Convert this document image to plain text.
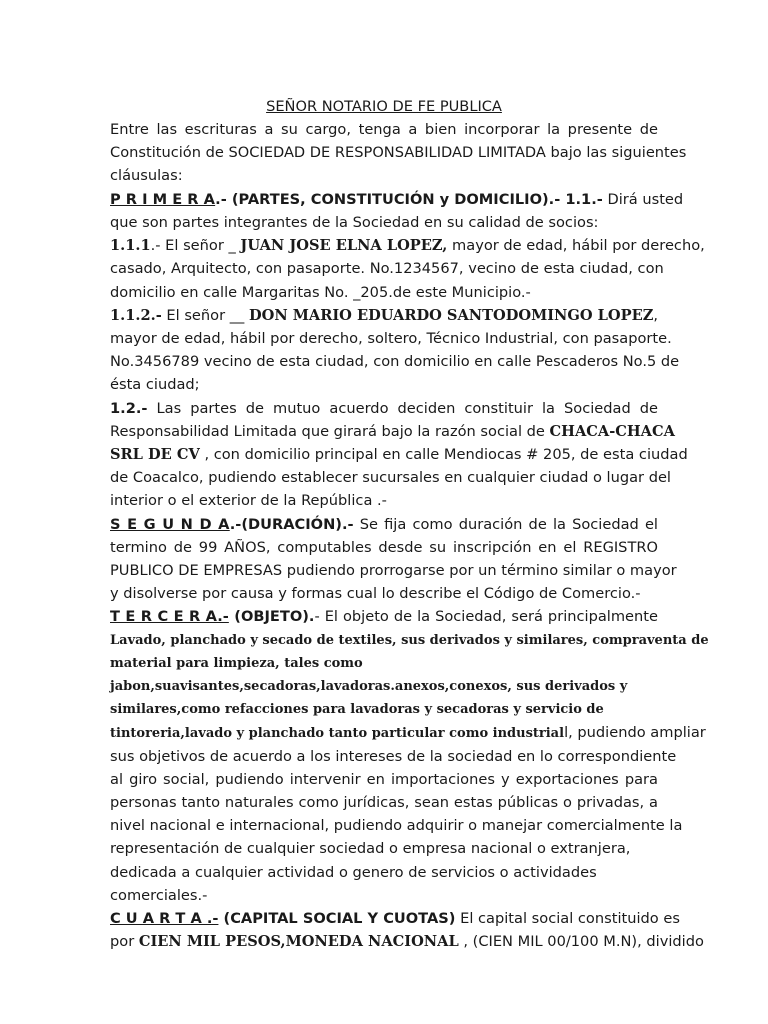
SEÑOR NOTARIO DE FE PUBLICA
Entre las escrituras a su cargo, tenga a bien incorporar la presente de
Constitución de SOCIEDAD DE RESPONSABILIDAD LIMITADA bajo las siguientes
cláusulas:
P R I M E R A.- (PARTES, CONSTITUCIÓN y DOMICILIO).- 1.1.- Dirá usted
que son partes integrantes de la Sociedad en su calidad de socios:
1.1.1.- El señor _ JUAN JOSE ELNA LOPEZ, mayor de edad, hábil por derecho,
casado, Arquitecto, con pasaporte. No.1234567, vecino de esta ciudad, con
domicilio en calle Margaritas No. _205.de este Municipio.-
1.1.2.- El señor __ DON MARIO EDUARDO SANTODOMINGO LOPEZ,
mayor de edad, hábil por derecho, soltero, Técnico Industrial, con pasaporte.
No.3456789 vecino de esta ciudad, con domicilio en calle Pescaderos No.5 de
ésta ciudad;
1.2.- Las partes de mutuo acuerdo deciden constituir la Sociedad de
Responsabilidad Limitada que girará bajo la razón social de CHACA-CHACA
SRL DE CV , con domicilio principal en calle Mendiocas # 205, de esta ciudad
de Coacalco, pudiendo establecer sucursales en cualquier ciudad o lugar del
interior o el exterior de la República .-
S E G U N D A.-(DURACIÓN).- Se fija como duración de la Sociedad el
termino de 99 AÑOS, computables desde su inscripción en el REGISTRO
PUBLICO DE EMPRESAS pudiendo prorrogarse por un término similar o mayor
y disolverse por causa y formas cual lo describe el Código de Comercio.-
T E R C E R A.- (OBJETO).- El objeto de la Sociedad, será principalmente
Lavado, planchado y secado de textiles, sus derivados y similares, compraventa de
material para limpieza, tales como
jabon,suavisantes,secadoras,lavadoras.anexos,conexos, sus derivados y
similares,como refacciones para lavadoras y secadoras y servicio de
tintoreria,lavado y planchado tanto particular como industriall, pudiendo ampliar
sus objetivos de acuerdo a los intereses de la sociedad en lo correspondiente
al giro social, pudiendo intervenir en importaciones y exportaciones para
personas tanto naturales como jurídicas, sean estas públicas o privadas, a
nivel nacional e internacional, pudiendo adquirir o manejar comercialmente la
representación de cualquier sociedad o empresa nacional o extranjera,
dedicada a cualquier actividad o genero de servicios o actividades
comerciales.-
C U A R T A .- (CAPITAL SOCIAL Y CUOTAS) El capital social constituido es
por CIEN MIL PESOS,MONEDA NACIONAL , (CIEN MIL 00/100 M.N), dividido
